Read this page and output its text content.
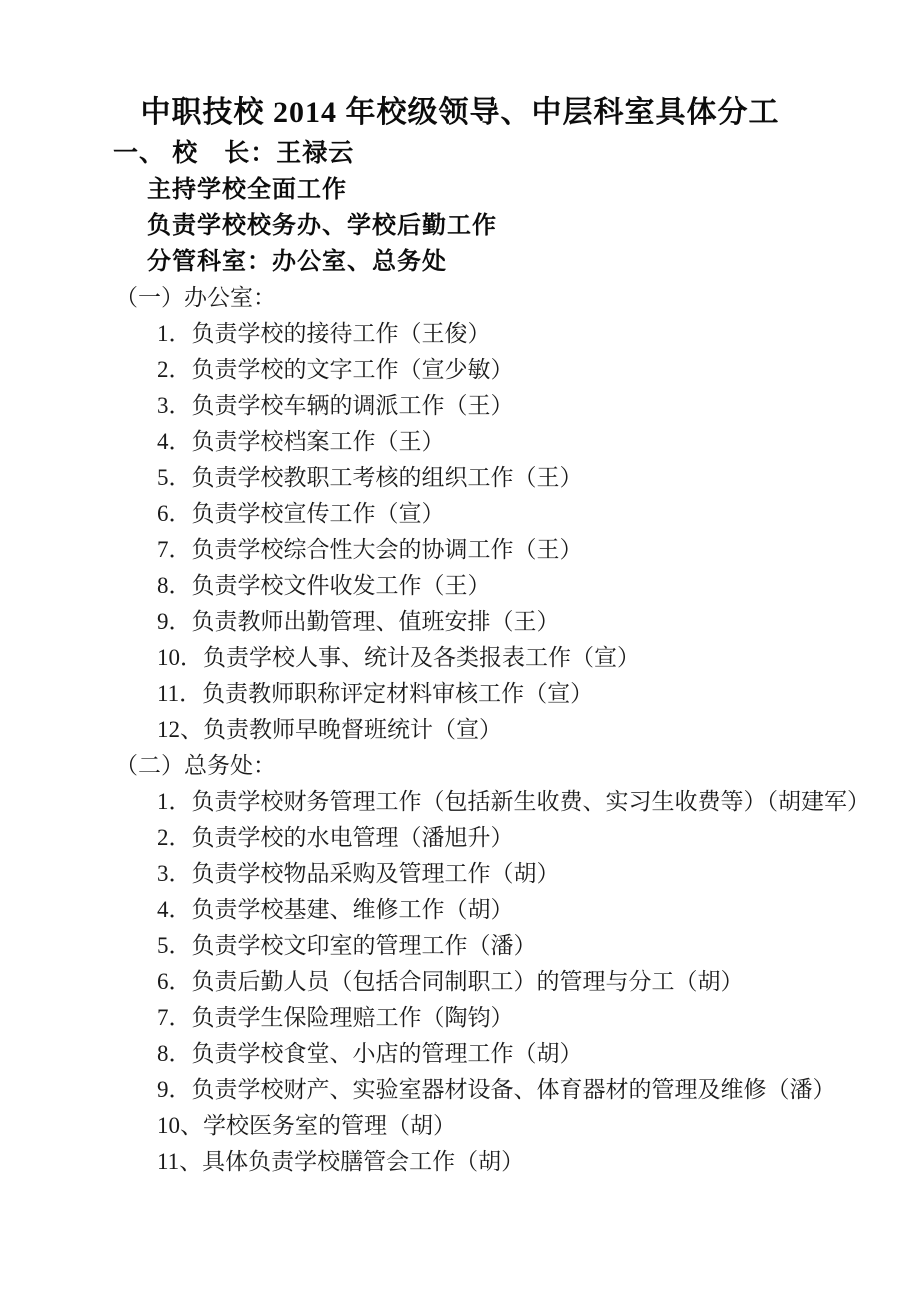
中职技校 2014 年校级领导、中层科室具体分工
一、 校　长：王禄云
主持学校全面工作
负责学校校务办、学校后勤工作
分管科室：办公室、总务处
（一）办公室：
1．负责学校的接待工作（王俊）
2．负责学校的文字工作（宣少敏）
3．负责学校车辆的调派工作（王）
4．负责学校档案工作（王）
5．负责学校教职工考核的组织工作（王）
6．负责学校宣传工作（宣）
7．负责学校综合性大会的协调工作（王）
8．负责学校文件收发工作（王）
9．负责教师出勤管理、值班安排（王）
10．负责学校人事、统计及各类报表工作（宣）
11．负责教师职称评定材料审核工作（宣）
12、负责教师早晚督班统计（宣）
（二）总务处：
1．负责学校财务管理工作（包括新生收费、实习生收费等）（胡建军）
2．负责学校的水电管理（潘旭升）
3．负责学校物品采购及管理工作（胡）
4．负责学校基建、维修工作（胡）
5．负责学校文印室的管理工作（潘）
6．负责后勤人员（包括合同制职工）的管理与分工（胡）
7．负责学生保险理赔工作（陶钧）
8．负责学校食堂、小店的管理工作（胡）
9．负责学校财产、实验室器材设备、体育器材的管理及维修（潘）
10、学校医务室的管理（胡）
11、具体负责学校膳管会工作（胡）
